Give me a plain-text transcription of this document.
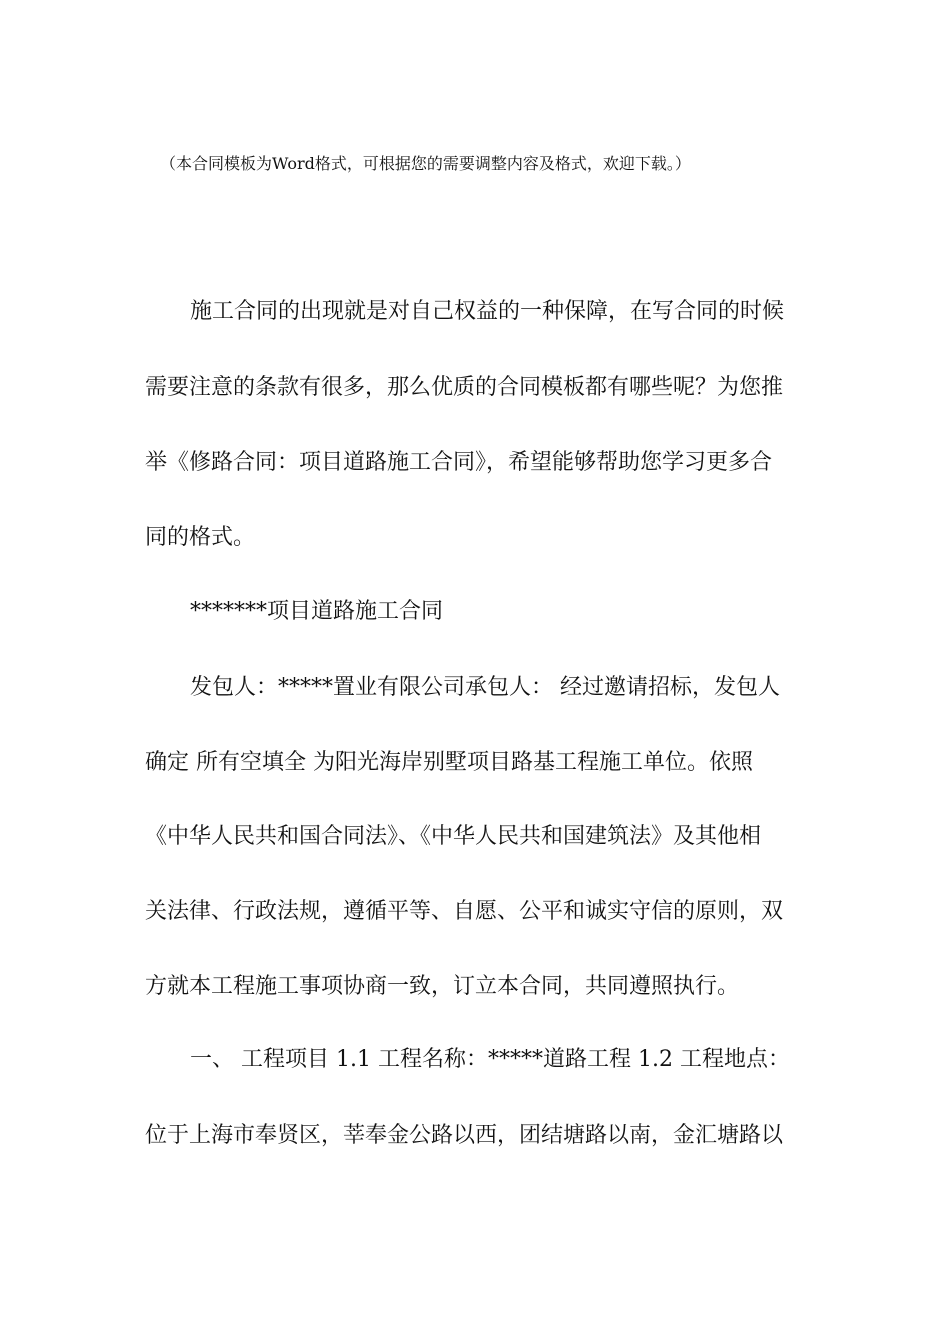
（本合同模板为Word格式，可根据您的需要调整内容及格式，欢迎下载。）
施工合同的出现就是对自己权益的一种保障，在写合同的时候
需要注意的条款有很多，那么优质的合同模板都有哪些呢？为您推
举《修路合同：项目道路施工合同》，希望能够帮助您学习更多合
同的格式。
*******项目道路施工合同
发包人：*****置业有限公司承包人： 经过邀请招标，发包人
确定 所有空填全 为阳光海岸别墅项目路基工程施工单位。依照
《中华人民共和国合同法》、《中华人民共和国建筑法》及其他相
关法律、行政法规，遵循平等、自愿、公平和诚实守信的原则，双
方就本工程施工事项协商一致，订立本合同，共同遵照执行。
一、 工程项目 1.1 工程名称：*****道路工程 1.2 工程地点：
位于上海市奉贤区，莘奉金公路以西，团结塘路以南，金汇塘路以
